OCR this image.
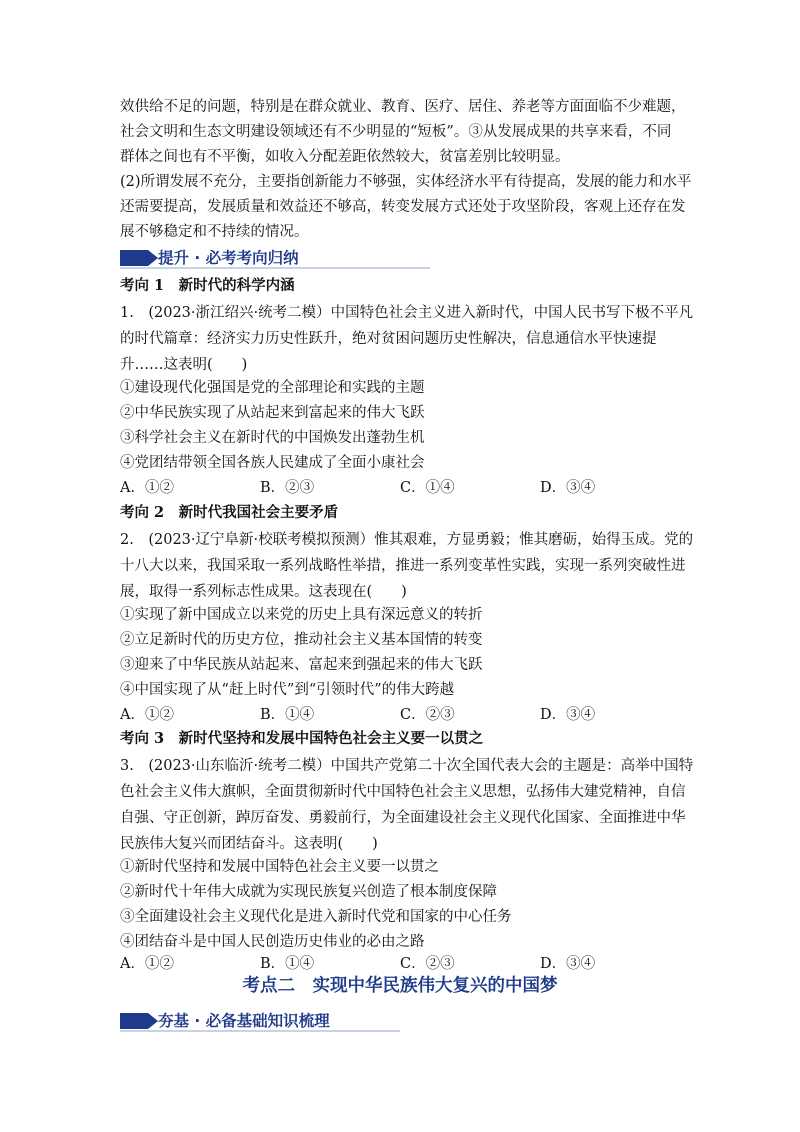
效供给不足的问题，特别是在群众就业、教育、医疗、居住、养老等方面面临不少难题，
社会文明和生态文明建设领域还有不少明显的“短板”。③从发展成果的共享来看，不同
群体之间也有不平衡，如收入分配差距依然较大，贫富差别比较明显。
(2)所谓发展不充分，主要指创新能力不够强，实体经济水平有待提高，发展的能力和水平
还需要提高，发展质量和效益还不够高，转变发展方式还处于攻坚阶段，客观上还存在发
展不够稳定和不持续的情况。
提升 · 必考考向归纳
考向 1　新时代的科学内涵
1.　(2023·浙江绍兴·统考二模）中国特色社会主义进入新时代，中国人民书写下极不平凡
的时代篇章：经济实力历史性跃升，绝对贫困问题历史性解决，信息通信水平快速提
升……这表明(　　)
①建设现代化强国是党的全部理论和实践的主题
②中华民族实现了从站起来到富起来的伟大飞跃
③科学社会主义在新时代的中国焕发出蓬勃生机
④党团结带领全国各族人民建成了全面小康社会
A．①②	B．②③	C．①④	D．③④
考向 2　新时代我国社会主要矛盾
2.　(2023·辽宁阜新·校联考模拟预测）惟其艰难，方显勇毅；惟其磨砺，始得玉成。党的
十八大以来，我国采取一系列战略性举措，推进一系列变革性实践，实现一系列突破性进
展，取得一系列标志性成果。这表现在(　　)
①实现了新中国成立以来党的历史上具有深远意义的转折
②立足新时代的历史方位，推动社会主义基本国情的转变
③迎来了中华民族从站起来、富起来到强起来的伟大飞跃
④中国实现了从“赶上时代”到“引领时代”的伟大跨越
A．①②	B．①④	C．②③	D．③④
考向 3　新时代坚持和发展中国特色社会主义要一以贯之
3.　(2023·山东临沂·统考二模）中国共产党第二十次全国代表大会的主题是：高举中国特
色社会主义伟大旗帜，全面贯彻新时代中国特色社会主义思想，弘扬伟大建党精神，自信
自强、守正创新，踔厉奋发、勇毅前行，为全面建设社会主义现代化国家、全面推进中华
民族伟大复兴而团结奋斗。这表明(　　)
①新时代坚持和发展中国特色社会主义要一以贯之
②新时代十年伟大成就为实现民族复兴创造了根本制度保障
③全面建设社会主义现代化是进入新时代党和国家的中心任务
④团结奋斗是中国人民创造历史伟业的必由之路
A．①②	B．①④	C．②③	D．③④
考点二　实现中华民族伟大复兴的中国梦
夯基 · 必备基础知识梳理
